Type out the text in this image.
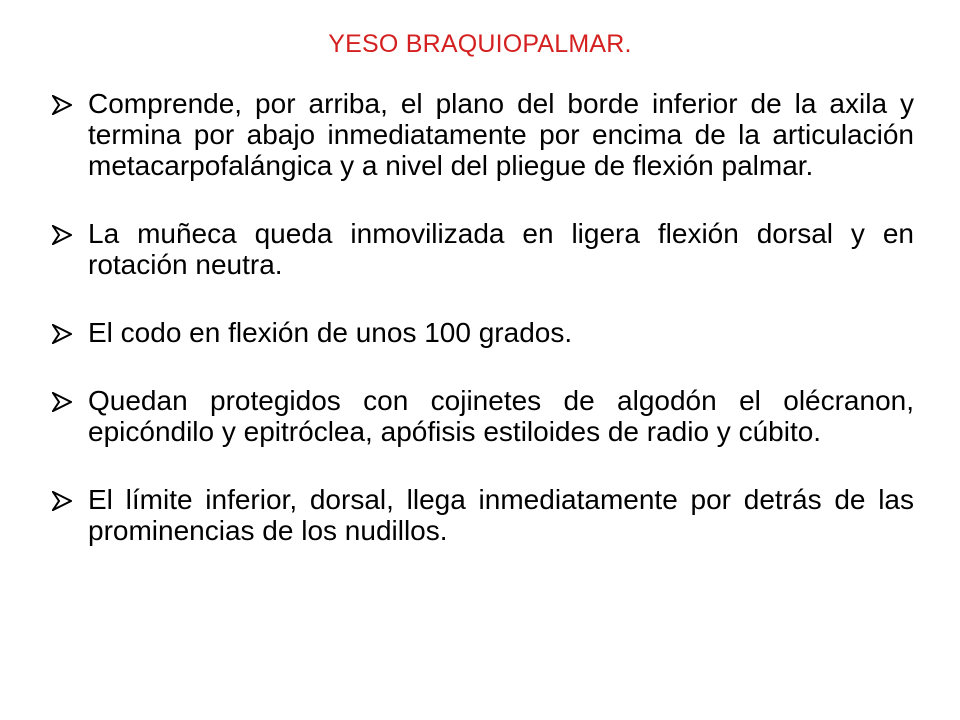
YESO BRAQUIOPALMAR.
Comprende, por arriba, el plano del borde inferior de la axila y termina por abajo inmediatamente por encima de la articulación metacarpofalángica y a nivel del pliegue de flexión palmar.
La muñeca queda inmovilizada en ligera flexión dorsal y en rotación neutra.
El codo en flexión de unos 100 grados.
Quedan protegidos con cojinetes de algodón el olécranon, epicóndilo y epitróclea, apófisis estiloides de radio y cúbito.
El límite inferior, dorsal, llega inmediatamente por detrás de las prominencias de los nudillos.
